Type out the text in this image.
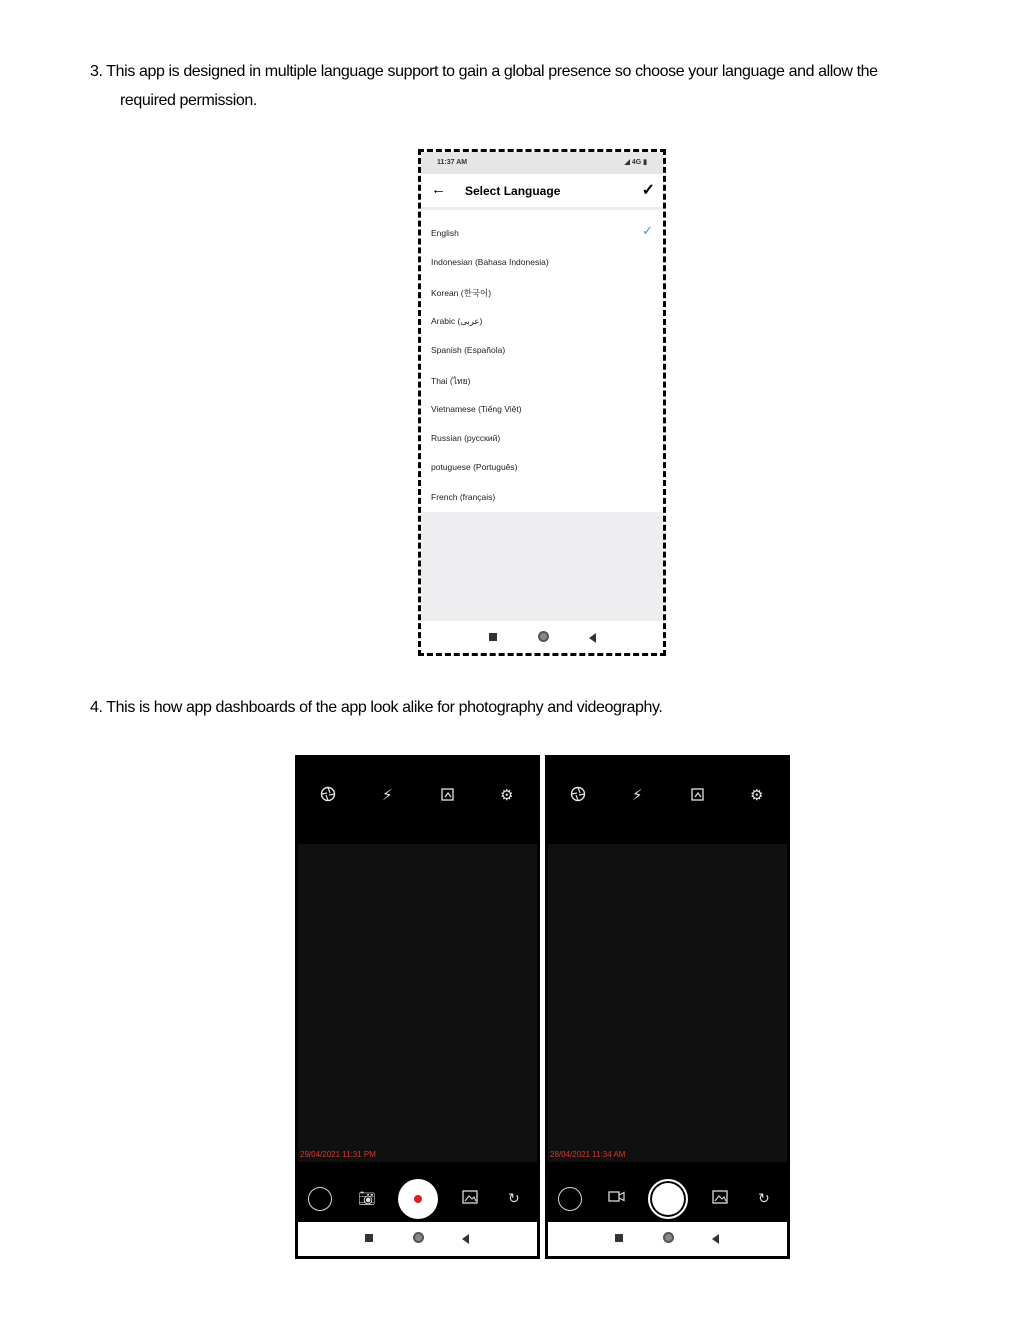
3. This app is designed in multiple language support to gain a global presence so choose your language and allow the
required permission.
11:37 AM	◢ 4G ▮
← Select Language	✓
English	✓
Indonesian (Bahasa Indonesia)
Korean (한국어)
Arabic (عربى)
Spanish (Española)
Thai (ไทย)
Vietnamese (Tiếng Việt)
Russian (русский)
potuguese (Português)
French (français)
4. This is how app dashboards of the app look alike for photography and videography.
⚡︎	⚙
29/04/2021 11:31 PM
📷︎	↻
⚡︎	⚙
28/04/2021 11:34 AM
↻
